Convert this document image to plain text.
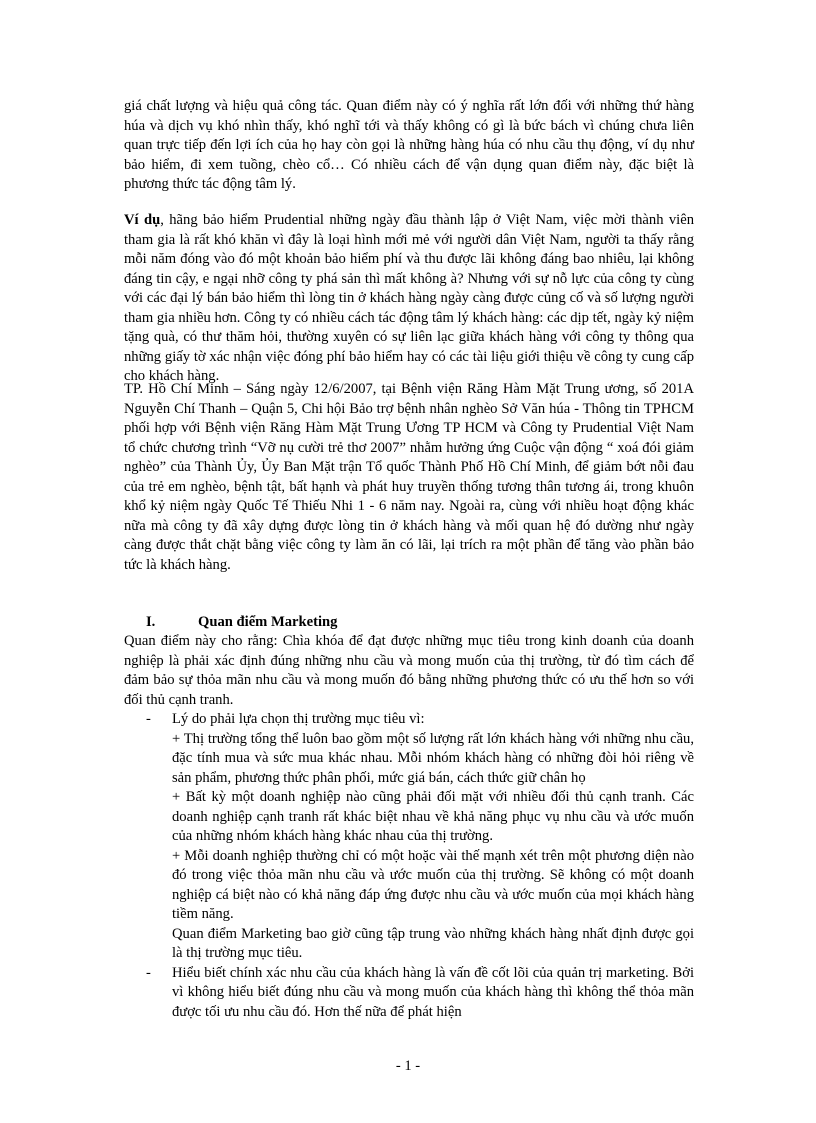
giá chất lượng và hiệu quả công tác. Quan điểm này có ý nghĩa rất lớn đối với những thứ hàng húa và dịch vụ khó nhìn thấy, khó nghĩ tới và thấy không có gì là bức bách vì chúng chưa liên quan trực tiếp đến lợi ích của họ hay còn gọi là những hàng húa có nhu cầu thụ động, ví dụ như bảo hiểm, đi xem tuồng, chèo cổ… Có nhiều cách để vận dụng quan điểm này, đặc biệt là phương thức tác động tâm lý.

Ví dụ, hãng bảo hiểm Prudential những ngày đầu thành lập ở Việt Nam, việc mời thành viên tham gia là rất khó khăn vì đây là loại hình mới mẻ với người dân Việt Nam, người ta thấy rằng mỗi năm đóng vào đó một khoản bảo hiểm phí và thu được lãi không đáng bao nhiêu, lại không đáng tin cậy, e ngại nhỡ công ty phá sản thì mất không à? Nhưng với sự nỗ lực của công ty cùng với các đại lý bán bảo hiểm thì lòng tin ở khách hàng ngày càng được củng cố và số lượng người tham gia nhiều hơn. Công ty có nhiều cách tác động tâm lý khách hàng: các dịp tết, ngày kỷ niệm tặng quà, có thư thăm hỏi, thường xuyên có sự liên lạc giữa khách hàng với công ty thông qua những giấy tờ xác nhận việc đóng phí bảo hiểm hay có các tài liệu giới thiệu về công ty cung cấp cho khách hàng.

TP. Hồ Chí Minh – Sáng ngày 12/6/2007, tại Bệnh viện Răng Hàm Mặt Trung ương, số 201A Nguyễn Chí Thanh – Quận 5, Chi hội Bảo trợ bệnh nhân nghèo Sở Văn húa - Thông tin TPHCM phối hợp với Bệnh viện Răng Hàm Mặt Trung Ương TP HCM và Công ty Prudential Việt Nam tổ chức chương trình “Vỡ nụ cười trẻ thơ 2007” nhằm hưởng ứng Cuộc vận động “ xoá đói giảm nghèo” của Thành Ủy, Ủy Ban Mặt trận Tổ quốc Thành Phố Hồ Chí Minh, để giảm bớt nỗi đau của trẻ em nghèo, bệnh tật, bất hạnh và phát huy truyền thống tương thân tương ái, trong khuôn khổ kỷ niệm ngày Quốc Tế Thiếu Nhi 1 - 6 năm nay. Ngoài ra, cùng với nhiều hoạt động khác nữa mà công ty đã xây dựng được lòng tin ở khách hàng và mối quan hệ đó dường như ngày càng được thắt chặt bằng việc công ty làm ăn có lãi, lại trích ra một phần để tăng vào phần bảo tức là khách hàng.

I.	Quan điểm Marketing

Quan điểm này cho rằng: Chìa khóa để đạt được những mục tiêu trong kinh doanh của doanh nghiệp là phải xác định đúng những nhu cầu và mong muốn của thị trường, từ đó tìm cách để đảm bảo sự thỏa mãn nhu cầu và mong muốn đó bằng những phương thức có ưu thế hơn so với đối thủ cạnh tranh.

- Lý do phải lựa chọn thị trường mục tiêu vì:

+ Thị trường tổng thể luôn bao gồm một số lượng rất lớn khách hàng với những nhu cầu, đặc tính mua và sức mua khác nhau. Mỗi nhóm khách hàng có những đòi hỏi riêng về sản phẩm, phương thức phân phối, mức giá bán, cách thức giữ chân họ

+ Bất kỳ một doanh nghiệp nào cũng phải đối mặt với nhiều đối thủ cạnh tranh. Các doanh nghiệp cạnh tranh rất khác biệt nhau về khả năng phục vụ nhu cầu và ước muốn của những nhóm khách hàng khác nhau của thị trường.

+ Mỗi doanh nghiệp thường chỉ có một hoặc vài thế mạnh xét trên một phương diện nào đó trong việc thỏa mãn nhu cầu và ước muốn của thị trường. Sẽ không có một doanh nghiệp cá biệt nào có khả năng đáp ứng được nhu cầu và ước muốn của mọi khách hàng tiềm năng.

Quan điểm Marketing bao giờ cũng tập trung vào những khách hàng nhất định được gọi là thị trường mục tiêu.

- Hiểu biết chính xác nhu cầu của khách hàng là vấn đề cốt lõi của quản trị marketing. Bởi vì không hiểu biết đúng nhu cầu và mong muốn của khách hàng thì không thể thỏa mãn được tối ưu nhu cầu đó. Hơn thế nữa để phát hiện

- 1 -
